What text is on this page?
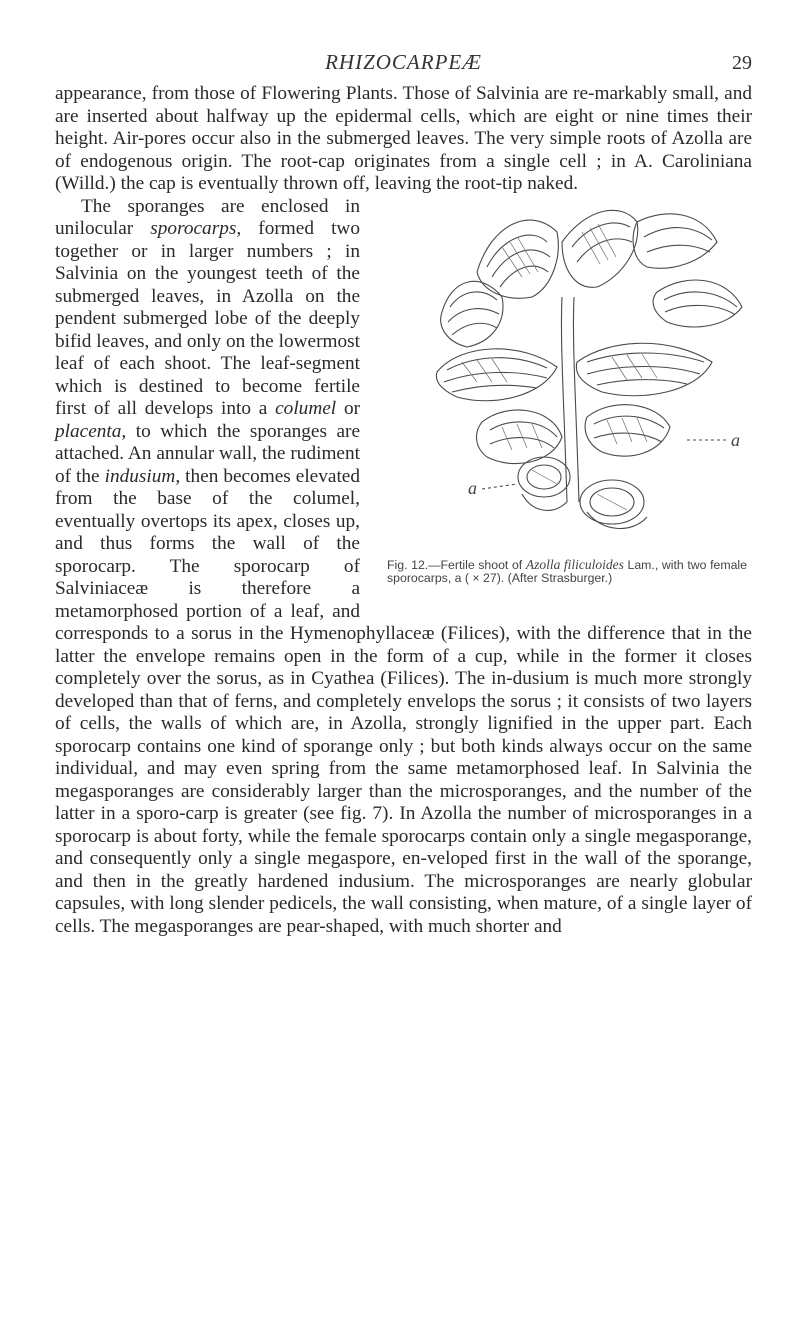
RHIZOCARPEÆ	29

appearance, from those of Flowering Plants. Those of Salvinia are re-markably small, and are inserted about halfway up the epidermal cells, which are eight or nine times their height. Air-pores occur also in the submerged leaves. The very simple roots of Azolla are of endogenous origin. The root-cap originates from a single cell ; in A. Caroliniana (Willd.) the cap is eventually thrown off, leaving the root-tip naked.

a
a
Fig. 12.—Fertile shoot of Azolla filiculoides Lam., with two female sporocarps, a ( × 27). (After Strasburger.)

The sporanges are enclosed in unilocular sporocarps, formed two together or in larger numbers ; in Salvinia on the youngest teeth of the submerged leaves, in Azolla on the pendent submerged lobe of the deeply bifid leaves, and only on the lowermost leaf of each shoot. The leaf-segment which is destined to become fertile first of all develops into a columel or placenta, to which the sporanges are attached. An annular wall, the rudiment of the indusium, then becomes elevated from the base of the columel, eventually overtops its apex, closes up, and thus forms the wall of the sporocarp. The sporocarp of Salviniaceæ is therefore a metamorphosed portion of a leaf, and corresponds to a sorus in the Hymenophyllaceæ (Filices), with the difference that in the latter the envelope remains open in the form of a cup, while in the former it closes completely over the sorus, as in Cyathea (Filices). The in-dusium is much more strongly developed than that of ferns, and completely envelops the sorus ; it consists of two layers of cells, the walls of which are, in Azolla, strongly lignified in the upper part. Each sporocarp contains one kind of sporange only ; but both kinds always occur on the same individual, and may even spring from the same metamorphosed leaf. In Salvinia the megasporanges are considerably larger than the microsporanges, and the number of the latter in a sporo-carp is greater (see fig. 7). In Azolla the number of microsporanges in a sporocarp is about forty, while the female sporocarps contain only a single megasporange, and consequently only a single megaspore, en-veloped first in the wall of the sporange, and then in the greatly hardened indusium. The microsporanges are nearly globular capsules, with long slender pedicels, the wall consisting, when mature, of a single layer of cells. The megasporanges are pear-shaped, with much shorter and
